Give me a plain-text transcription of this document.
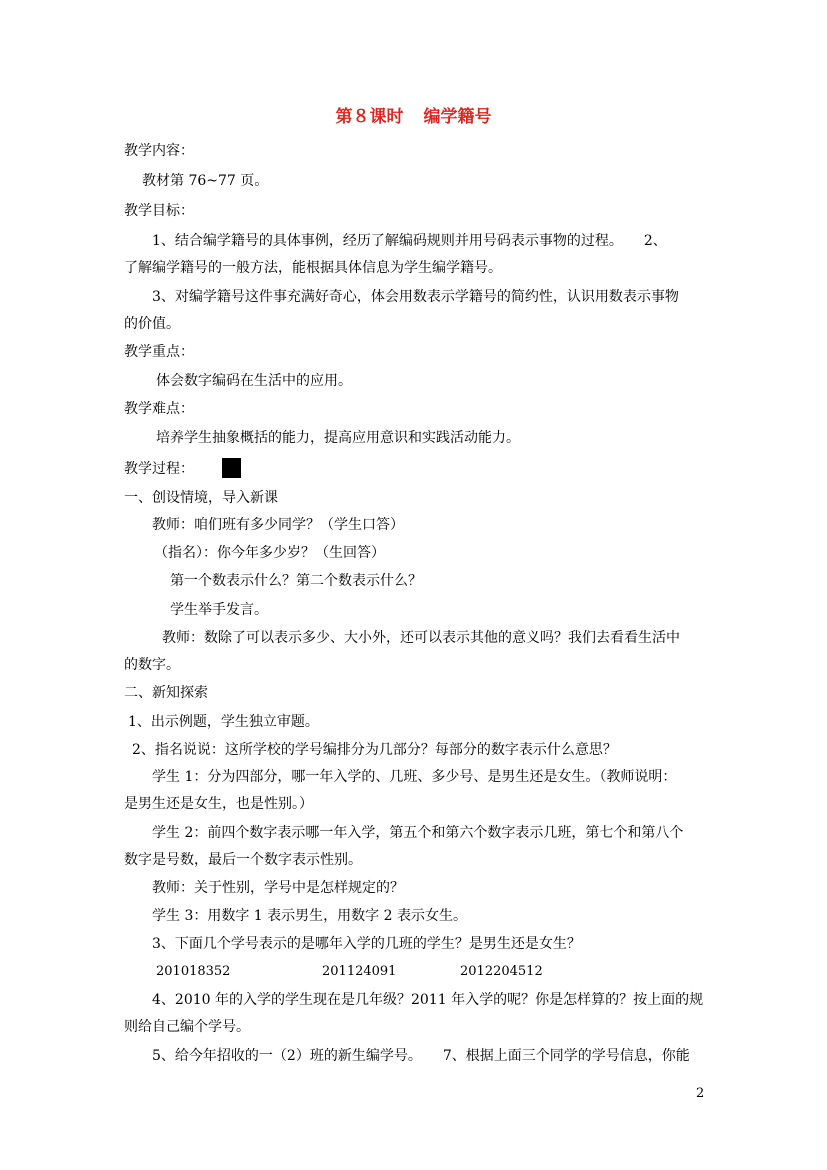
第８课时 编学籍号
教学内容：
教材第 76~77 页。
教学目标：
1、结合编学籍号的具体事例，经历了解编码规则并用号码表示事物的过程。　　2、
了解编学籍号的一般方法，能根据具体信息为学生编学籍号。
3、对编学籍号这件事充满好奇心，体会用数表示学籍号的简约性，认识用数表示事物
的价值。
教学重点：
体会数字编码在生活中的应用。
教学难点：
培养学生抽象概括的能力，提高应用意识和实践活动能力。
教学过程：
一、创设情境，导入新课
教师：咱们班有多少同学？（学生口答）
（指名）：你今年多少岁？（生回答）
第一个数表示什么？第二个数表示什么？
学生举手发言。
教师：数除了可以表示多少、大小外，还可以表示其他的意义吗？我们去看看生活中
的数字。
二、新知探索
1、出示例题，学生独立审题。
2、指名说说：这所学校的学号编排分为几部分？每部分的数字表示什么意思？
学生 1：分为四部分，哪一年入学的、几班、多少号、是男生还是女生。（教师说明：
是男生还是女生，也是性别。）
学生 2：前四个数字表示哪一年入学，第五个和第六个数字表示几班，第七个和第八个
数字是号数，最后一个数字表示性别。
教师：关于性别，学号中是怎样规定的？
学生 3：用数字 1 表示男生，用数字 2 表示女生。
3、下面几个学号表示的是哪年入学的几班的学生？是男生还是女生？
201018352	201124091	2012204512
4、2010 年的入学的学生现在是几年级？2011 年入学的呢？你是怎样算的？按上面的规
则给自己编个学号。
5、给今年招收的一（2）班的新生编学号。　　7、根据上面三个同学的学号信息，你能
2
